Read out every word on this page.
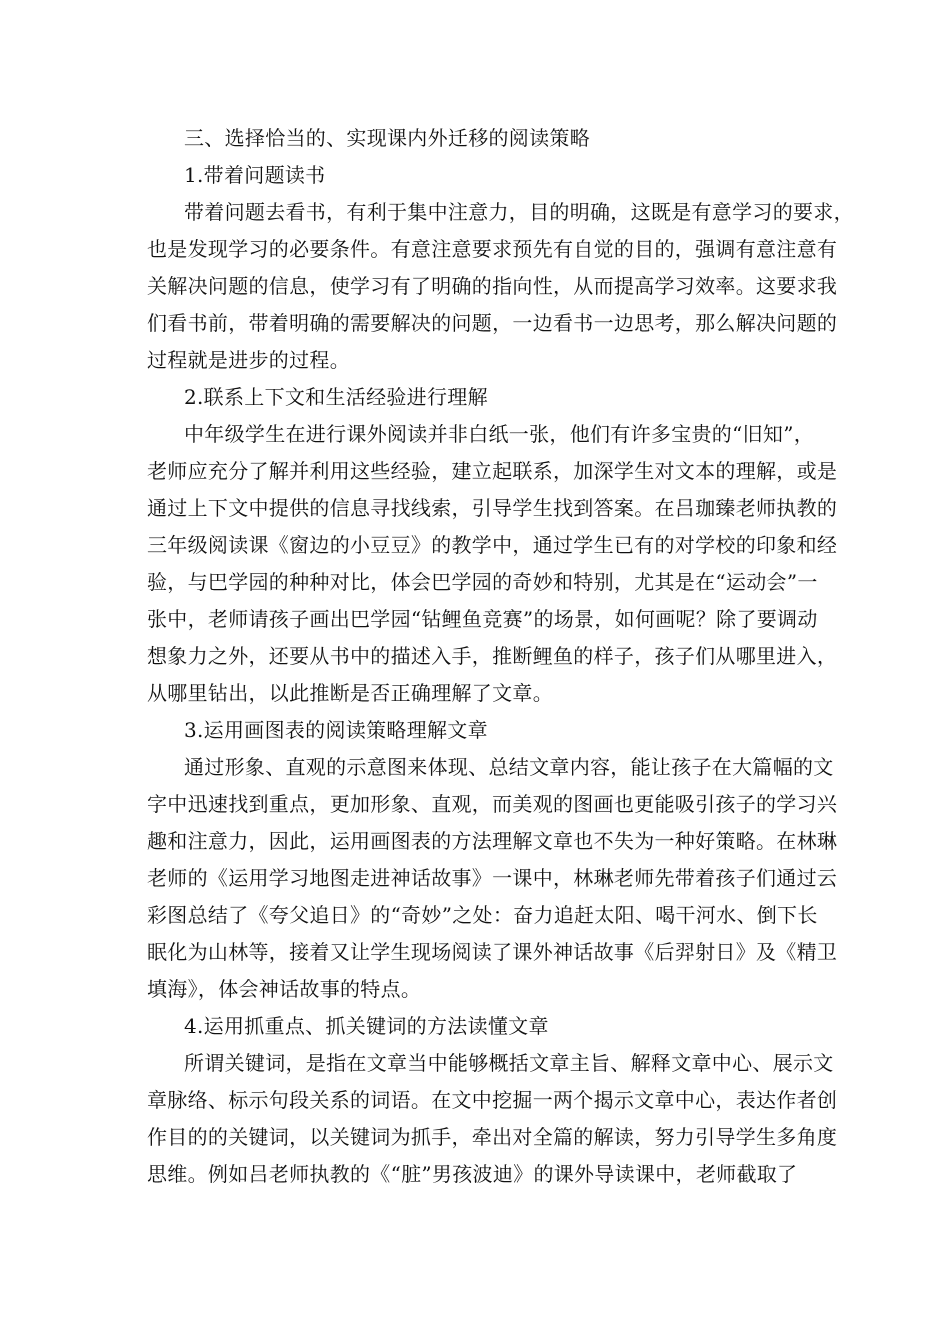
三、选择恰当的、实现课内外迁移的阅读策略
1.带着问题读书
带着问题去看书，有利于集中注意力，目的明确，这既是有意学习的要求，
也是发现学习的必要条件。有意注意要求预先有自觉的目的，强调有意注意有
关解决问题的信息，使学习有了明确的指向性，从而提高学习效率。这要求我
们看书前，带着明确的需要解决的问题，一边看书一边思考，那么解决问题的
过程就是进步的过程。
2.联系上下文和生活经验进行理解
中年级学生在进行课外阅读并非白纸一张，他们有许多宝贵的“旧知”，
老师应充分了解并利用这些经验，建立起联系，加深学生对文本的理解，或是
通过上下文中提供的信息寻找线索，引导学生找到答案。在吕珈臻老师执教的
三年级阅读课《窗边的小豆豆》的教学中，通过学生已有的对学校的印象和经
验，与巴学园的种种对比，体会巴学园的奇妙和特别，尤其是在“运动会”一
张中，老师请孩子画出巴学园“钻鲤鱼竞赛”的场景，如何画呢？除了要调动
想象力之外，还要从书中的描述入手，推断鲤鱼的样子，孩子们从哪里进入，
从哪里钻出，以此推断是否正确理解了文章。
3.运用画图表的阅读策略理解文章
通过形象、直观的示意图来体现、总结文章内容，能让孩子在大篇幅的文
字中迅速找到重点，更加形象、直观，而美观的图画也更能吸引孩子的学习兴
趣和注意力，因此，运用画图表的方法理解文章也不失为一种好策略。在林琳
老师的《运用学习地图走进神话故事》一课中，林琳老师先带着孩子们通过云
彩图总结了《夸父追日》的“奇妙”之处：奋力追赶太阳、喝干河水、倒下长
眠化为山林等，接着又让学生现场阅读了课外神话故事《后羿射日》及《精卫
填海》，体会神话故事的特点。
4.运用抓重点、抓关键词的方法读懂文章
所谓关键词，是指在文章当中能够概括文章主旨、解释文章中心、展示文
章脉络、标示句段关系的词语。在文中挖掘一两个揭示文章中心，表达作者创
作目的的关键词，以关键词为抓手，牵出对全篇的解读，努力引导学生多角度
思维。例如吕老师执教的《“脏”男孩波迪》的课外导读课中，老师截取了
